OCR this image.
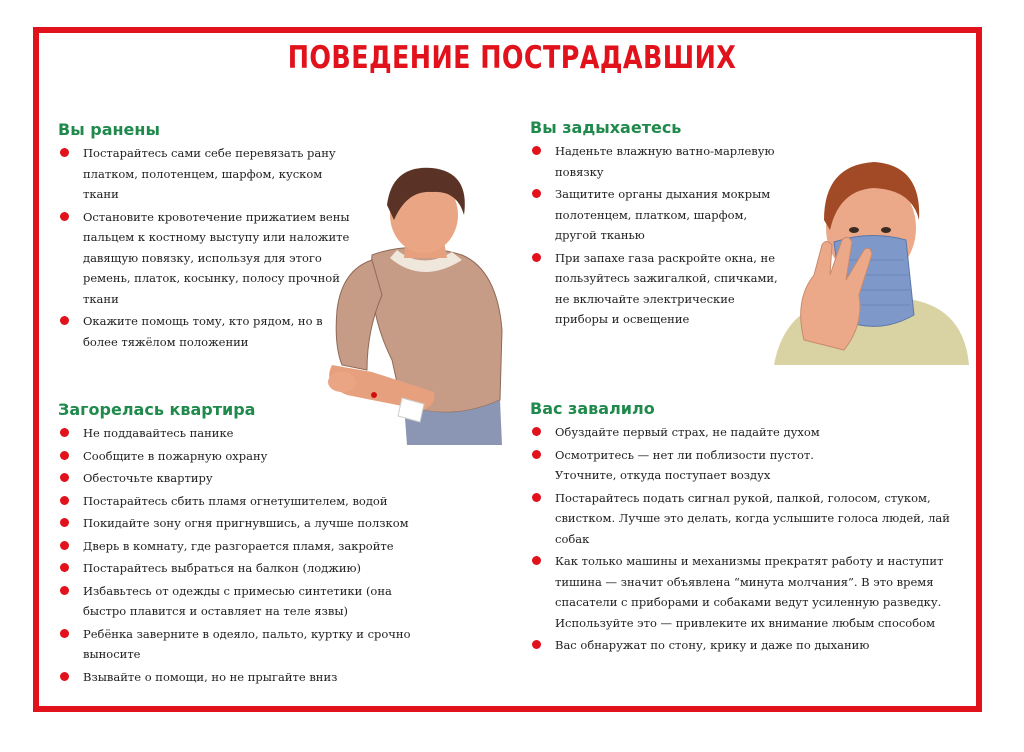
ПОВЕДЕНИЕ ПОСТРАДАВШИХ
Вы ранены
Постарайтесь сами себе перевязать рану платком, полотенцем, шарфом, куском ткани
Остановите кровотечение прижатием вены пальцем к костному выступу или наложите давящую повязку, используя для этого ремень, платок, косынку, полосу прочной ткани
Окажите помощь тому, кто рядом, но в более тяжёлом положении
Вы задыхаетесь
Наденьте влажную ватно-марлевую повязку
Защитите органы дыхания мокрым полотенцем, платком, шарфом, другой тканью
При запахе газа раскройте окна, не пользуйтесь зажигалкой, спичками, не включайте электрические приборы и освещение
Загорелась квартира
Не поддавайтесь панике
Сообщите в пожарную охрану
Обесточьте квартиру
Постарайтесь сбить пламя огнетушителем, водой
Покидайте зону огня пригнувшись, а лучше ползком
Дверь в комнату, где разгорается пламя, закройте
Постарайтесь выбраться на балкон (лоджию)
Избавьтесь от одежды с примесью синтетики (она быстро плавится и оставляет на теле язвы)
Ребёнка заверните в одеяло, пальто, куртку и срочно выносите
Взывайте о помощи, но не прыгайте вниз
Вас завалило
Обуздайте первый страх, не падайте духом
Осмотритесь — нет ли поблизости пустот. Уточните, откуда поступает воздух
Постарайтесь подать сигнал рукой, палкой, голосом, стуком, свистком. Лучше это делать, когда услышите голоса людей, лай собак
Как только машины и механизмы прекратят работу и наступит тишина — значит объявлена “минута молчания”. В это время спасатели с приборами и собаками ведут усиленную разведку. Используйте это — привлеките их внимание любым способом
Вас обнаружат по стону, крику и даже по дыханию
